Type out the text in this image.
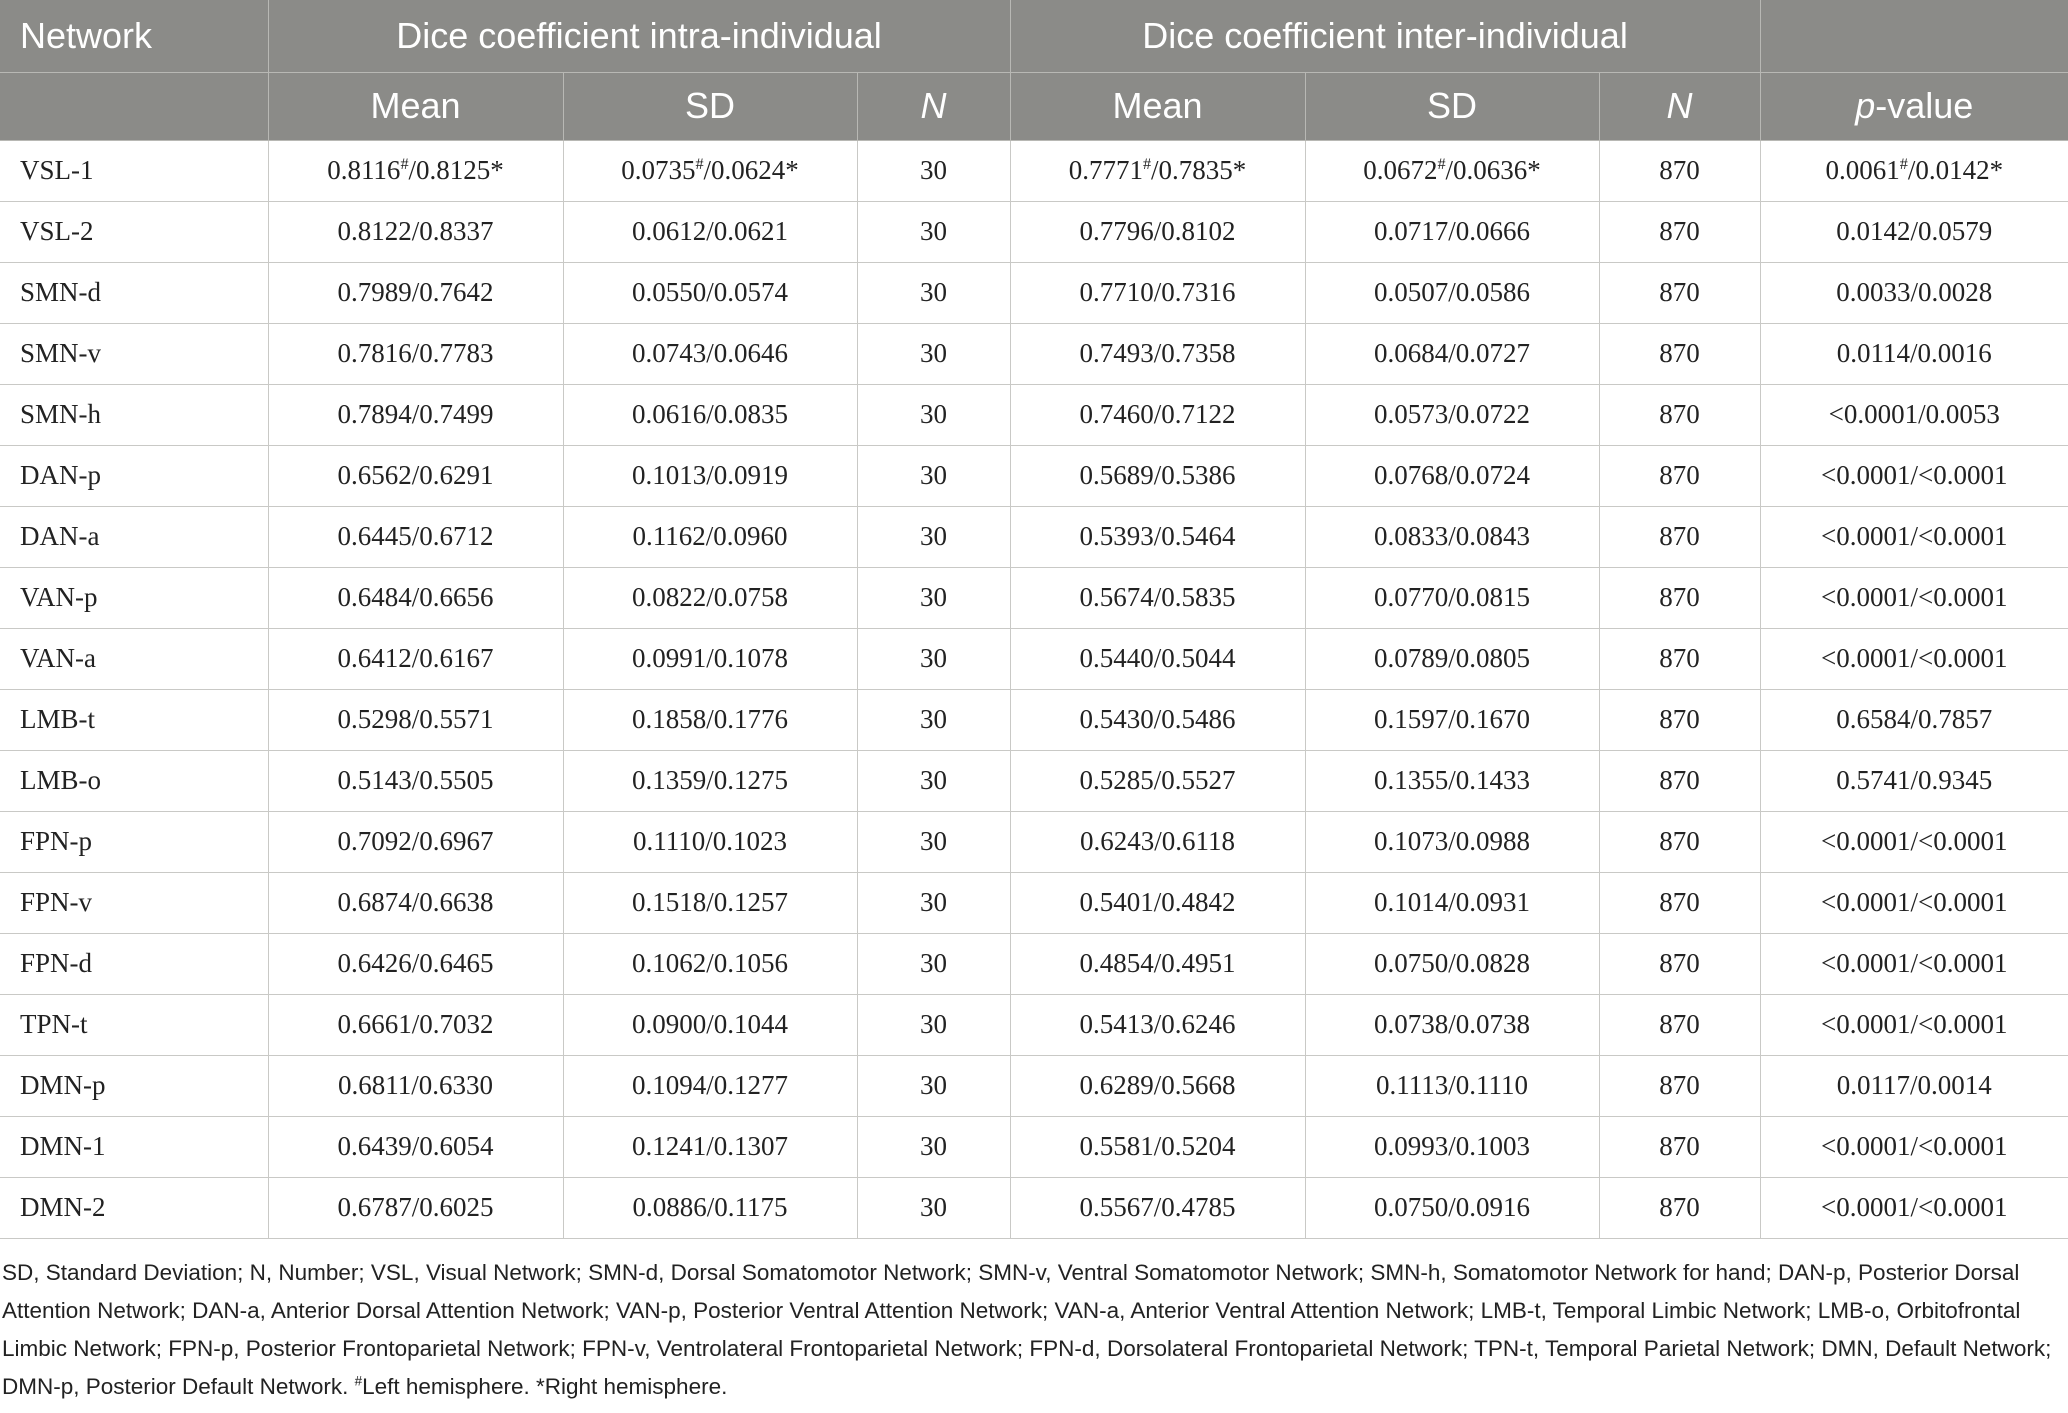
Network	Dice coefficient intra-individual			Dice coefficient inter-individual			
	Mean	SD	N	Mean	SD	N	p-value
VSL-1	0.8116#/0.8125*	0.0735#/0.0624*	30	0.7771#/0.7835*	0.0672#/0.0636*	870	0.0061#/0.0142*
VSL-2	0.8122/0.8337	0.0612/0.0621	30	0.7796/0.8102	0.0717/0.0666	870	0.0142/0.0579
SMN-d	0.7989/0.7642	0.0550/0.0574	30	0.7710/0.7316	0.0507/0.0586	870	0.0033/0.0028
SMN-v	0.7816/0.7783	0.0743/0.0646	30	0.7493/0.7358	0.0684/0.0727	870	0.0114/0.0016
SMN-h	0.7894/0.7499	0.0616/0.0835	30	0.7460/0.7122	0.0573/0.0722	870	<0.0001/0.0053
DAN-p	0.6562/0.6291	0.1013/0.0919	30	0.5689/0.5386	0.0768/0.0724	870	<0.0001/<0.0001
DAN-a	0.6445/0.6712	0.1162/0.0960	30	0.5393/0.5464	0.0833/0.0843	870	<0.0001/<0.0001
VAN-p	0.6484/0.6656	0.0822/0.0758	30	0.5674/0.5835	0.0770/0.0815	870	<0.0001/<0.0001
VAN-a	0.6412/0.6167	0.0991/0.1078	30	0.5440/0.5044	0.0789/0.0805	870	<0.0001/<0.0001
LMB-t	0.5298/0.5571	0.1858/0.1776	30	0.5430/0.5486	0.1597/0.1670	870	0.6584/0.7857
LMB-o	0.5143/0.5505	0.1359/0.1275	30	0.5285/0.5527	0.1355/0.1433	870	0.5741/0.9345
FPN-p	0.7092/0.6967	0.1110/0.1023	30	0.6243/0.6118	0.1073/0.0988	870	<0.0001/<0.0001
FPN-v	0.6874/0.6638	0.1518/0.1257	30	0.5401/0.4842	0.1014/0.0931	870	<0.0001/<0.0001
FPN-d	0.6426/0.6465	0.1062/0.1056	30	0.4854/0.4951	0.0750/0.0828	870	<0.0001/<0.0001
TPN-t	0.6661/0.7032	0.0900/0.1044	30	0.5413/0.6246	0.0738/0.0738	870	<0.0001/<0.0001
DMN-p	0.6811/0.6330	0.1094/0.1277	30	0.6289/0.5668	0.1113/0.1110	870	0.0117/0.0014
DMN-1	0.6439/0.6054	0.1241/0.1307	30	0.5581/0.5204	0.0993/0.1003	870	<0.0001/<0.0001
DMN-2	0.6787/0.6025	0.0886/0.1175	30	0.5567/0.4785	0.0750/0.0916	870	<0.0001/<0.0001
SD, Standard Deviation; N, Number; VSL, Visual Network; SMN-d, Dorsal Somatomotor Network; SMN-v, Ventral Somatomotor Network; SMN-h, Somatomotor Network for hand; DAN-p, Posterior Dorsal Attention Network; DAN-a, Anterior Dorsal Attention Network; VAN-p, Posterior Ventral Attention Network; VAN-a, Anterior Ventral Attention Network; LMB-t, Temporal Limbic Network; LMB-o, Orbitofrontal Limbic Network; FPN-p, Posterior Frontoparietal Network; FPN-v, Ventrolateral Frontoparietal Network; FPN-d, Dorsolateral Frontoparietal Network; TPN-t, Temporal Parietal Network; DMN, Default Network; DMN-p, Posterior Default Network. #Left hemisphere. *Right hemisphere.
